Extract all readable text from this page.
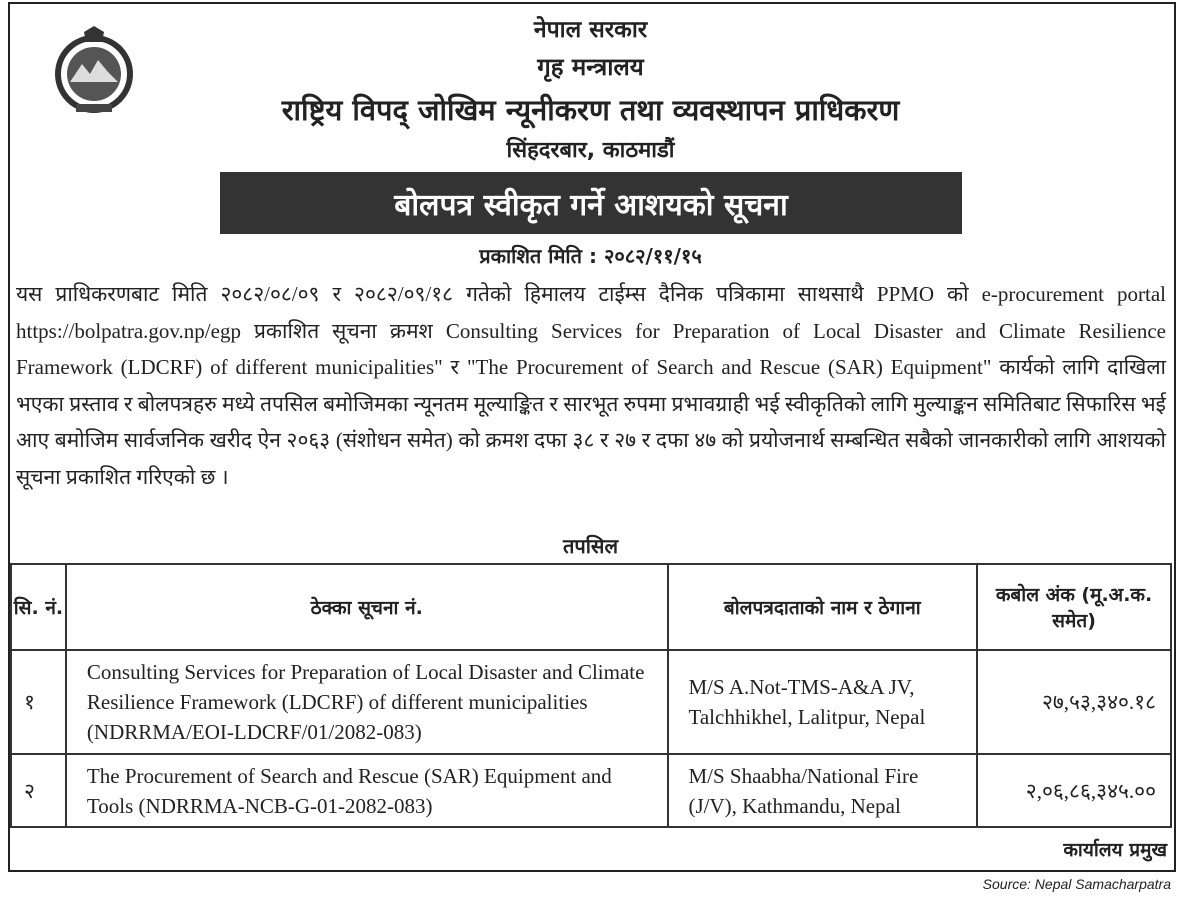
नेपाल सरकार
गृह मन्त्रालय
राष्ट्रिय विपद् जोखिम न्यूनीकरण तथा व्यवस्थापन प्राधिकरण
सिंहदरबार, काठमाडौं
बोलपत्र स्वीकृत गर्ने आशयको सूचना
प्रकाशित मिति : २०८२/११/१५
यस प्राधिकरणबाट मिति २०८२/०८/०९ र २०८२/०९/१८ गतेको हिमालय टाईम्स दैनिक पत्रिकामा साथसाथै PPMO को e-procurement portal https://bolpatra.gov.np/egp प्रकाशित सूचना क्रमश Consulting Services for Preparation of Local Disaster and Climate Resilience Framework (LDCRF) of different municipalities" र "The Procurement of Search and Rescue (SAR) Equipment" कार्यको लागि दाखिला भएका प्रस्ताव र बोलपत्रहरु मध्ये तपसिल बमोजिमका न्यूनतम मूल्याङ्कित र सारभूत रुपमा प्रभावग्राही भई स्वीकृतिको लागि मुल्याङ्कन समितिबाट सिफारिस भई आए बमोजिम सार्वजनिक खरीद ऐन २०६३ (संशोधन समेत) को क्रमश दफा ३८ र २७ र दफा ४७ को प्रयोजनार्थ सम्बन्धित सबैको जानकारीको लागि आशयको सूचना प्रकाशित गरिएको छ ।
तपसिल
सि. नं.	ठेक्का सूचना नं.	बोलपत्रदाताको नाम र ठेगाना	कबोल अंक (मू.अ.क. समेत)
१	Consulting Services for Preparation of Local Disaster and Climate Resilience Framework (LDCRF) of different municipalities (NDRRMA/EOI-LDCRF/01/2082-083)	M/S A.Not-TMS-A&A JV, Talchhikhel, Lalitpur, Nepal	२७,५३,३४०.१८
२	The Procurement of Search and Rescue (SAR) Equipment and Tools (NDRRMA-NCB-G-01-2082-083)	M/S Shaabha/National Fire (J/V), Kathmandu, Nepal	२,०६,८६,३४५.००
कार्यालय प्रमुख
Source: Nepal Samacharpatra
